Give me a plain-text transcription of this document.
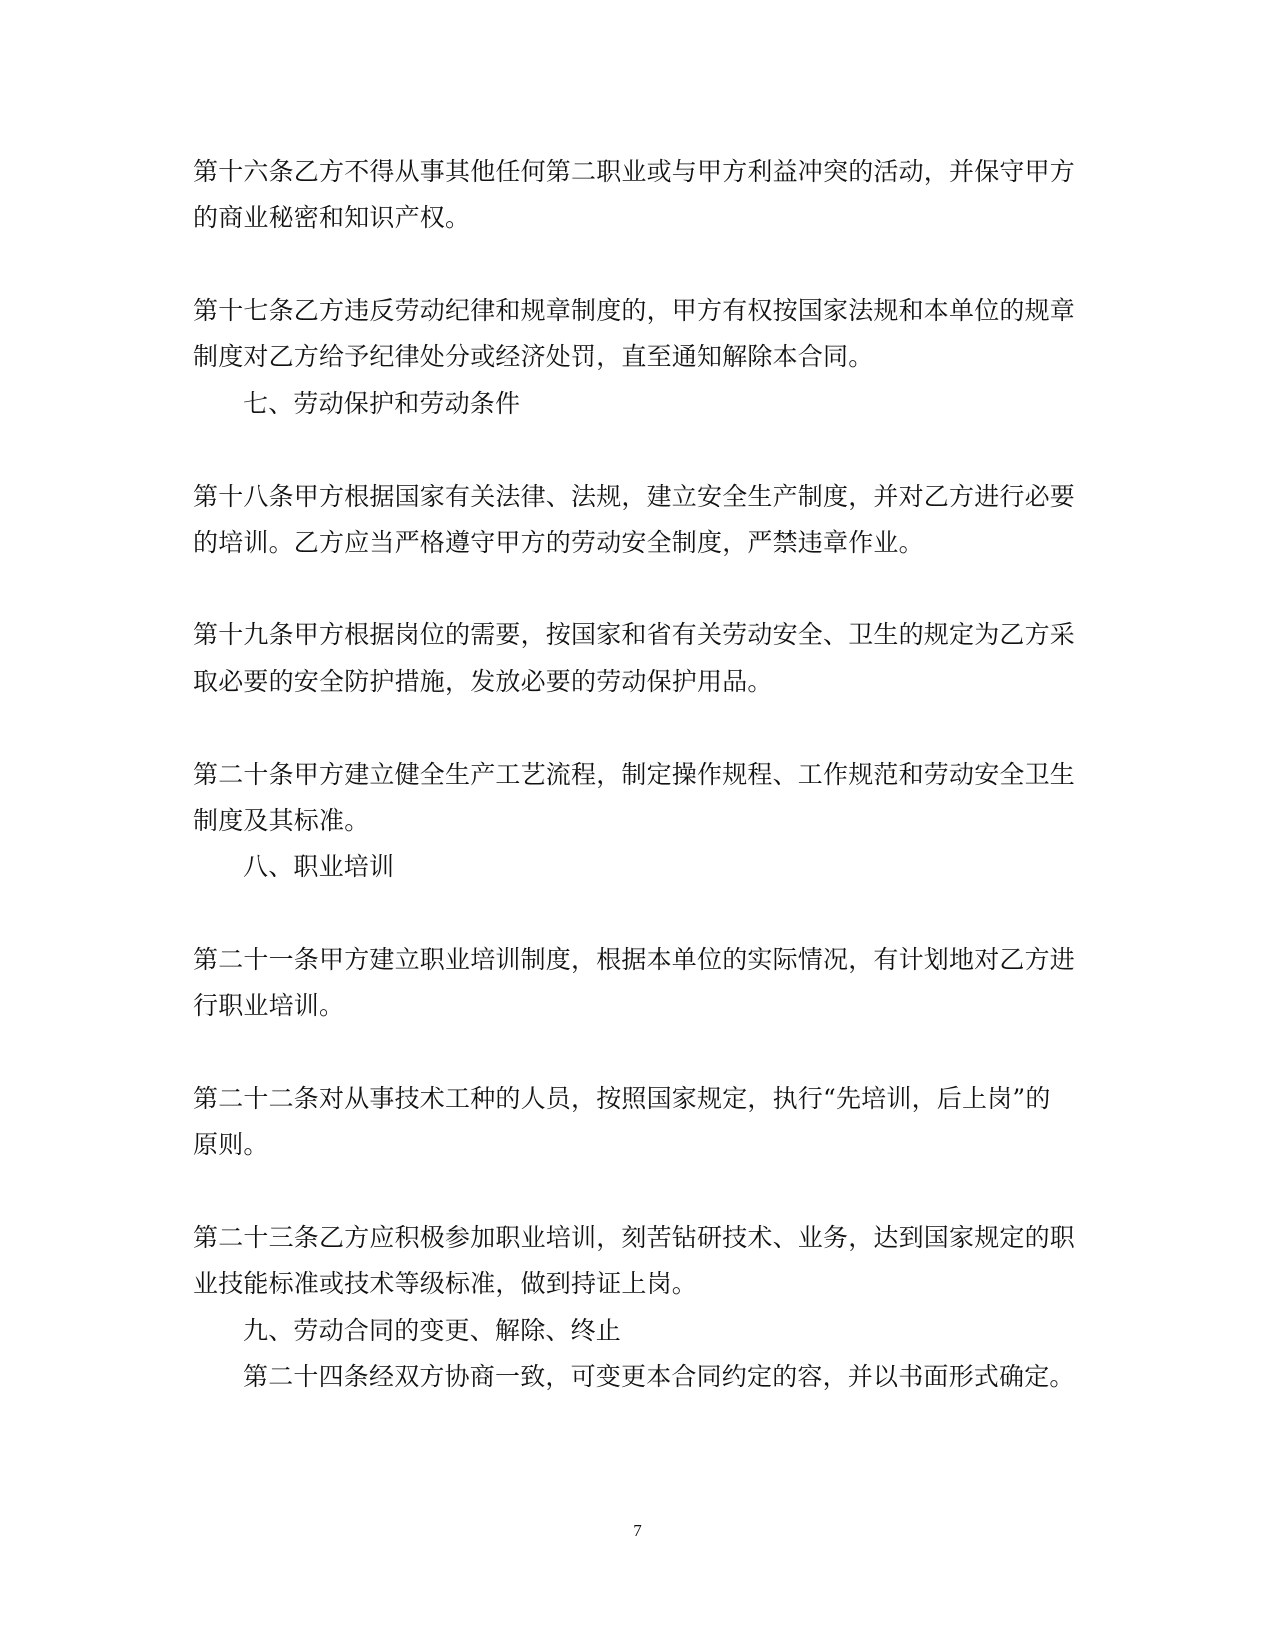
第十六条乙方不得从事其他任何第二职业或与甲方利益冲突的活动，并保守甲方
的商业秘密和知识产权。
第十七条乙方违反劳动纪律和规章制度的，甲方有权按国家法规和本单位的规章
制度对乙方给予纪律处分或经济处罚，直至通知解除本合同。
七、劳动保护和劳动条件
第十八条甲方根据国家有关法律、法规，建立安全生产制度，并对乙方进行必要
的培训。乙方应当严格遵守甲方的劳动安全制度，严禁违章作业。
第十九条甲方根据岗位的需要，按国家和省有关劳动安全、卫生的规定为乙方采
取必要的安全防护措施，发放必要的劳动保护用品。
第二十条甲方建立健全生产工艺流程，制定操作规程、工作规范和劳动安全卫生
制度及其标准。
八、职业培训
第二十一条甲方建立职业培训制度，根据本单位的实际情况，有计划地对乙方进
行职业培训。
第二十二条对从事技术工种的人员，按照国家规定，执行“先培训，后上岗”的
原则。
第二十三条乙方应积极参加职业培训，刻苦钻研技术、业务，达到国家规定的职
业技能标准或技术等级标准，做到持证上岗。
九、劳动合同的变更、解除、终止
第二十四条经双方协商一致，可变更本合同约定的容，并以书面形式确定。
7
